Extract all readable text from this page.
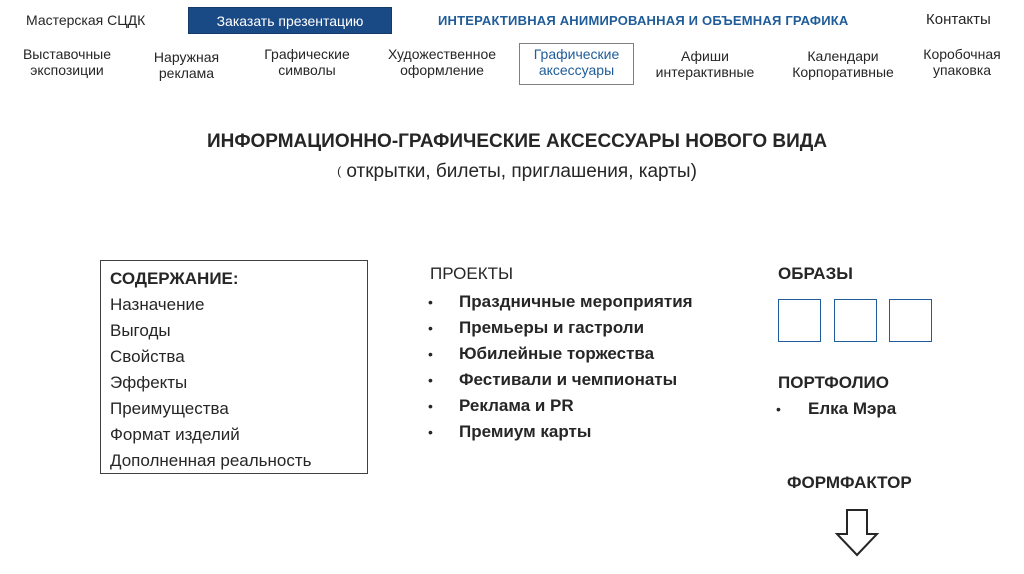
Мастерская СЦДК	Заказать презентацию	ИНТЕРАКТИВНАЯ АНИМИРОВАННАЯ И ОБЪЕМНАЯ ГРАФИКА	Контакты
Выставочные
экспозиции
Наружная
реклама
Графические
символы
Художественное
оформление
Графические
аксессуары
Афиши
интерактивные
Календари
Корпоративные
Коробочная
упаковка
ИНФОРМАЦИОННО-ГРАФИЧЕСКИЕ АКСЕССУАРЫ НОВОГО ВИДА
( открытки, билеты, приглашения, карты)
СОДЕРЖАНИЕ:
Назначение
Выгоды
Свойства
Эффекты
Преимущества
Формат изделий
Дополненная реальность
ПРОЕКТЫ
• Праздничные мероприятия
• Премьеры и гастроли
• Юбилейные торжества
• Фестивали и чемпионаты
• Реклама и PR
• Премиум карты
ОБРАЗЫ
ПОРТФОЛИО
• Елка Мэра
ФОРМФАКТОР
